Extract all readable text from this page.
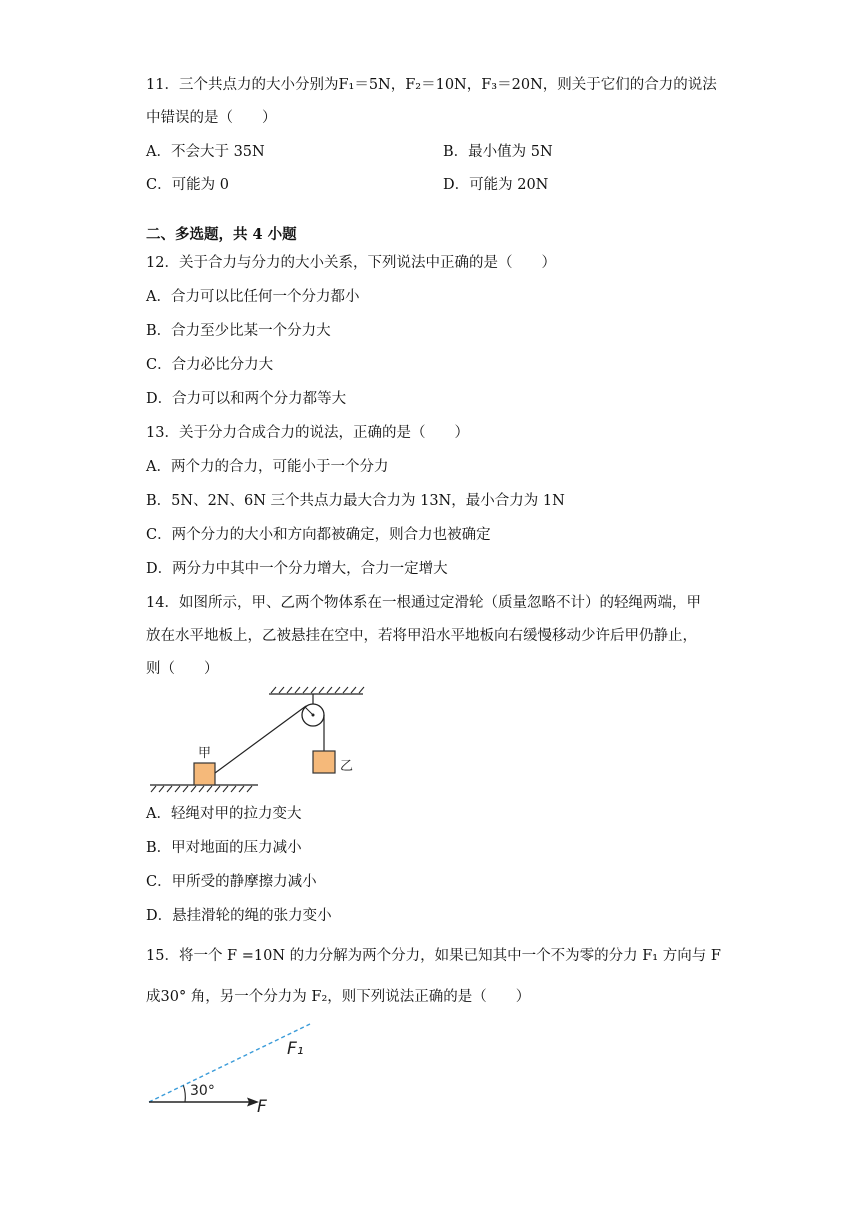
11．三个共点力的大小分别为F₁＝5N，F₂＝10N，F₃＝20N，则关于它们的合力的说法
中错误的是（　　）
A．不会大于 35N	B．最小值为 5N
C．可能为 0	D．可能为 20N
二、多选题，共 4 小题
12．关于合力与分力的大小关系，下列说法中正确的是（　　）
A．合力可以比任何一个分力都小
B．合力至少比某一个分力大
C．合力必比分力大
D．合力可以和两个分力都等大
13．关于分力合成合力的说法，正确的是（　　）
A．两个力的合力，可能小于一个分力
B．5N、2N、6N 三个共点力最大合力为 13N，最小合力为 1N
C．两个分力的大小和方向都被确定，则合力也被确定
D．两分力中其中一个分力增大，合力一定增大
14．如图所示，甲、乙两个物体系在一根通过定滑轮（质量忽略不计）的轻绳两端，甲
放在水平地板上，乙被悬挂在空中，若将甲沿水平地板向右缓慢移动少许后甲仍静止，
则（　　）
甲
乙
A．轻绳对甲的拉力变大
B．甲对地面的压力减小
C．甲所受的静摩擦力减小
D．悬挂滑轮的绳的张力变小
15．将一个 F =10N 的力分解为两个分力，如果已知其中一个不为零的分力 F₁ 方向与 F
成30° 角，另一个分力为 F₂，则下列说法正确的是（　　）
30°
F₁
F
